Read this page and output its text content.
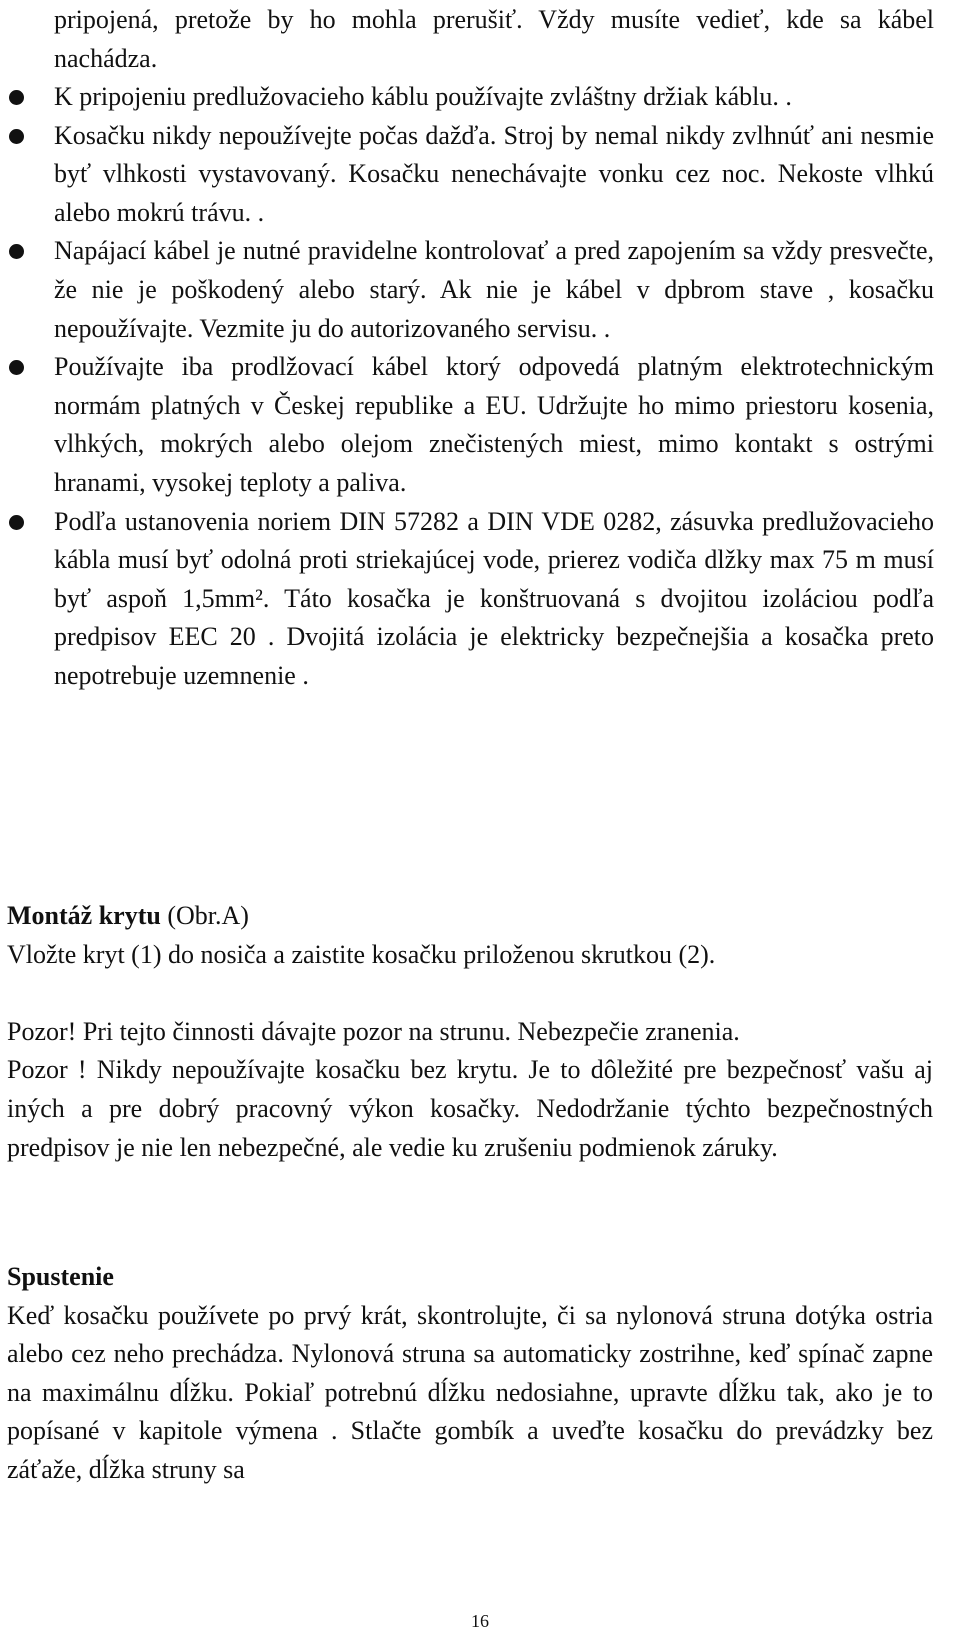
pripojená, pretože by ho mohla prerušiť. Vždy musíte vedieť, kde sa kábel nachádza.

K pripojeniu predlužovacieho káblu používajte zvláštny držiak káblu. .
Kosačku nikdy nepoužívejte počas dažďa. Stroj by nemal nikdy zvlhnúť ani nesmie byť vlhkosti vystavovaný. Kosačku nenechávajte vonku cez noc. Nekoste vlhkú alebo mokrú trávu. .
Napájací kábel je nutné pravidelne kontrolovať a pred zapojením sa vždy presvečte, že nie je poškodený alebo starý. Ak nie je kábel v dpbrom stave , kosačku nepoužívajte. Vezmite ju do autorizovaného servisu. .
Používajte iba prodlžovací kábel ktorý odpovedá platným elektrotechnickým normám platných v Českej republike a EU. Udržujte ho mimo priestoru kosenia, vlhkých, mokrých alebo olejom znečistených miest, mimo kontakt s ostrými hranami, vysokej teploty a paliva.
Podľa ustanovenia noriem DIN 57282 a DIN VDE 0282, zásuvka predlužovacieho kábla musí byť odolná proti striekajúcej vode, prierez vodiča dlžky max 75 m musí byť aspoň 1,5mm². Táto kosačka je konštruovaná s dvojitou izoláciou podľa predpisov EEC 20 . Dvojitá izolácia je elektricky bezpečnejšia a kosačka preto nepotrebuje uzemnenie .
Montáž krytu (Obr.A)
Vložte kryt (1) do nosiča a zaistite kosačku priloženou skrutkou (2).
Pozor! Pri tejto činnosti dávajte pozor na strunu. Nebezpečie zranenia.
Pozor ! Nikdy nepoužívajte kosačku bez krytu. Je to dôležité pre bezpečnosť vašu aj iných a pre dobrý pracovný výkon kosačky. Nedodržanie týchto bezpečnostných predpisov je nie len nebezpečné, ale vedie ku zrušeniu podmienok záruky.
Spustenie
Keď kosačku používete po prvý krát, skontrolujte, či sa nylonová struna dotýka ostria alebo cez neho prechádza. Nylonová struna sa automaticky zostrihne, keď spínač zapne na maximálnu dĺžku. Pokiaľ potrebnú dĺžku nedosiahne, upravte dĺžku tak, ako je to popísané v kapitole výmena . Stlačte gombík a uveďte kosačku do prevádzky bez záťaže, dĺžka struny sa
16
